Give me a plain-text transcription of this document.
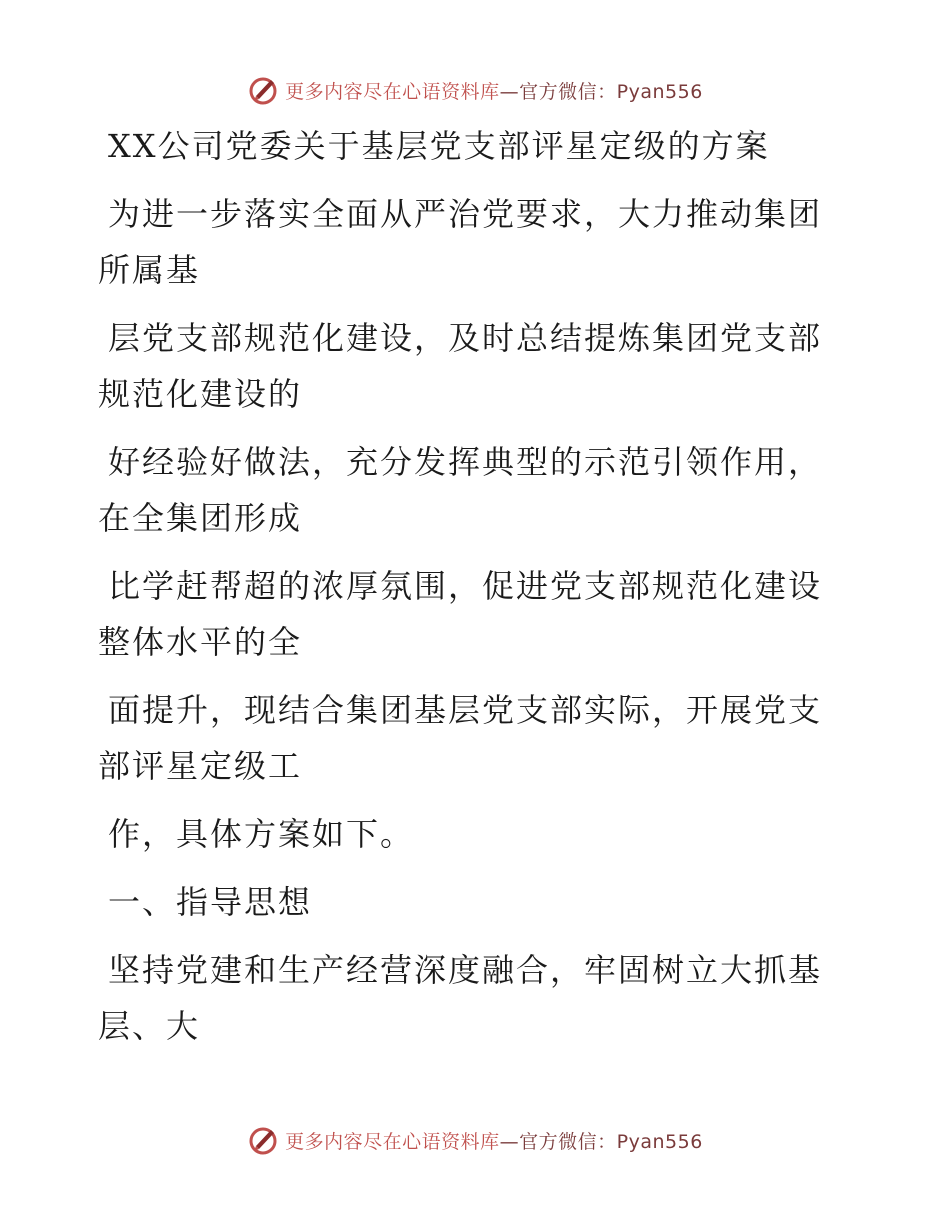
更多内容尽在心语资料库—官方微信：Pyan556
XX公司党委关于基层党支部评星定级的方案
为进一步落实全面从严治党要求，大力推动集团
所属基
层党支部规范化建设，及时总结提炼集团党支部
规范化建设的
好经验好做法，充分发挥典型的示范引领作用，
在全集团形成
比学赶帮超的浓厚氛围，促进党支部规范化建设
整体水平的全
面提升，现结合集团基层党支部实际，开展党支
部评星定级工
作，具体方案如下。
一、指导思想
坚持党建和生产经营深度融合，牢固树立大抓基
层、大
更多内容尽在心语资料库—官方微信：Pyan556
